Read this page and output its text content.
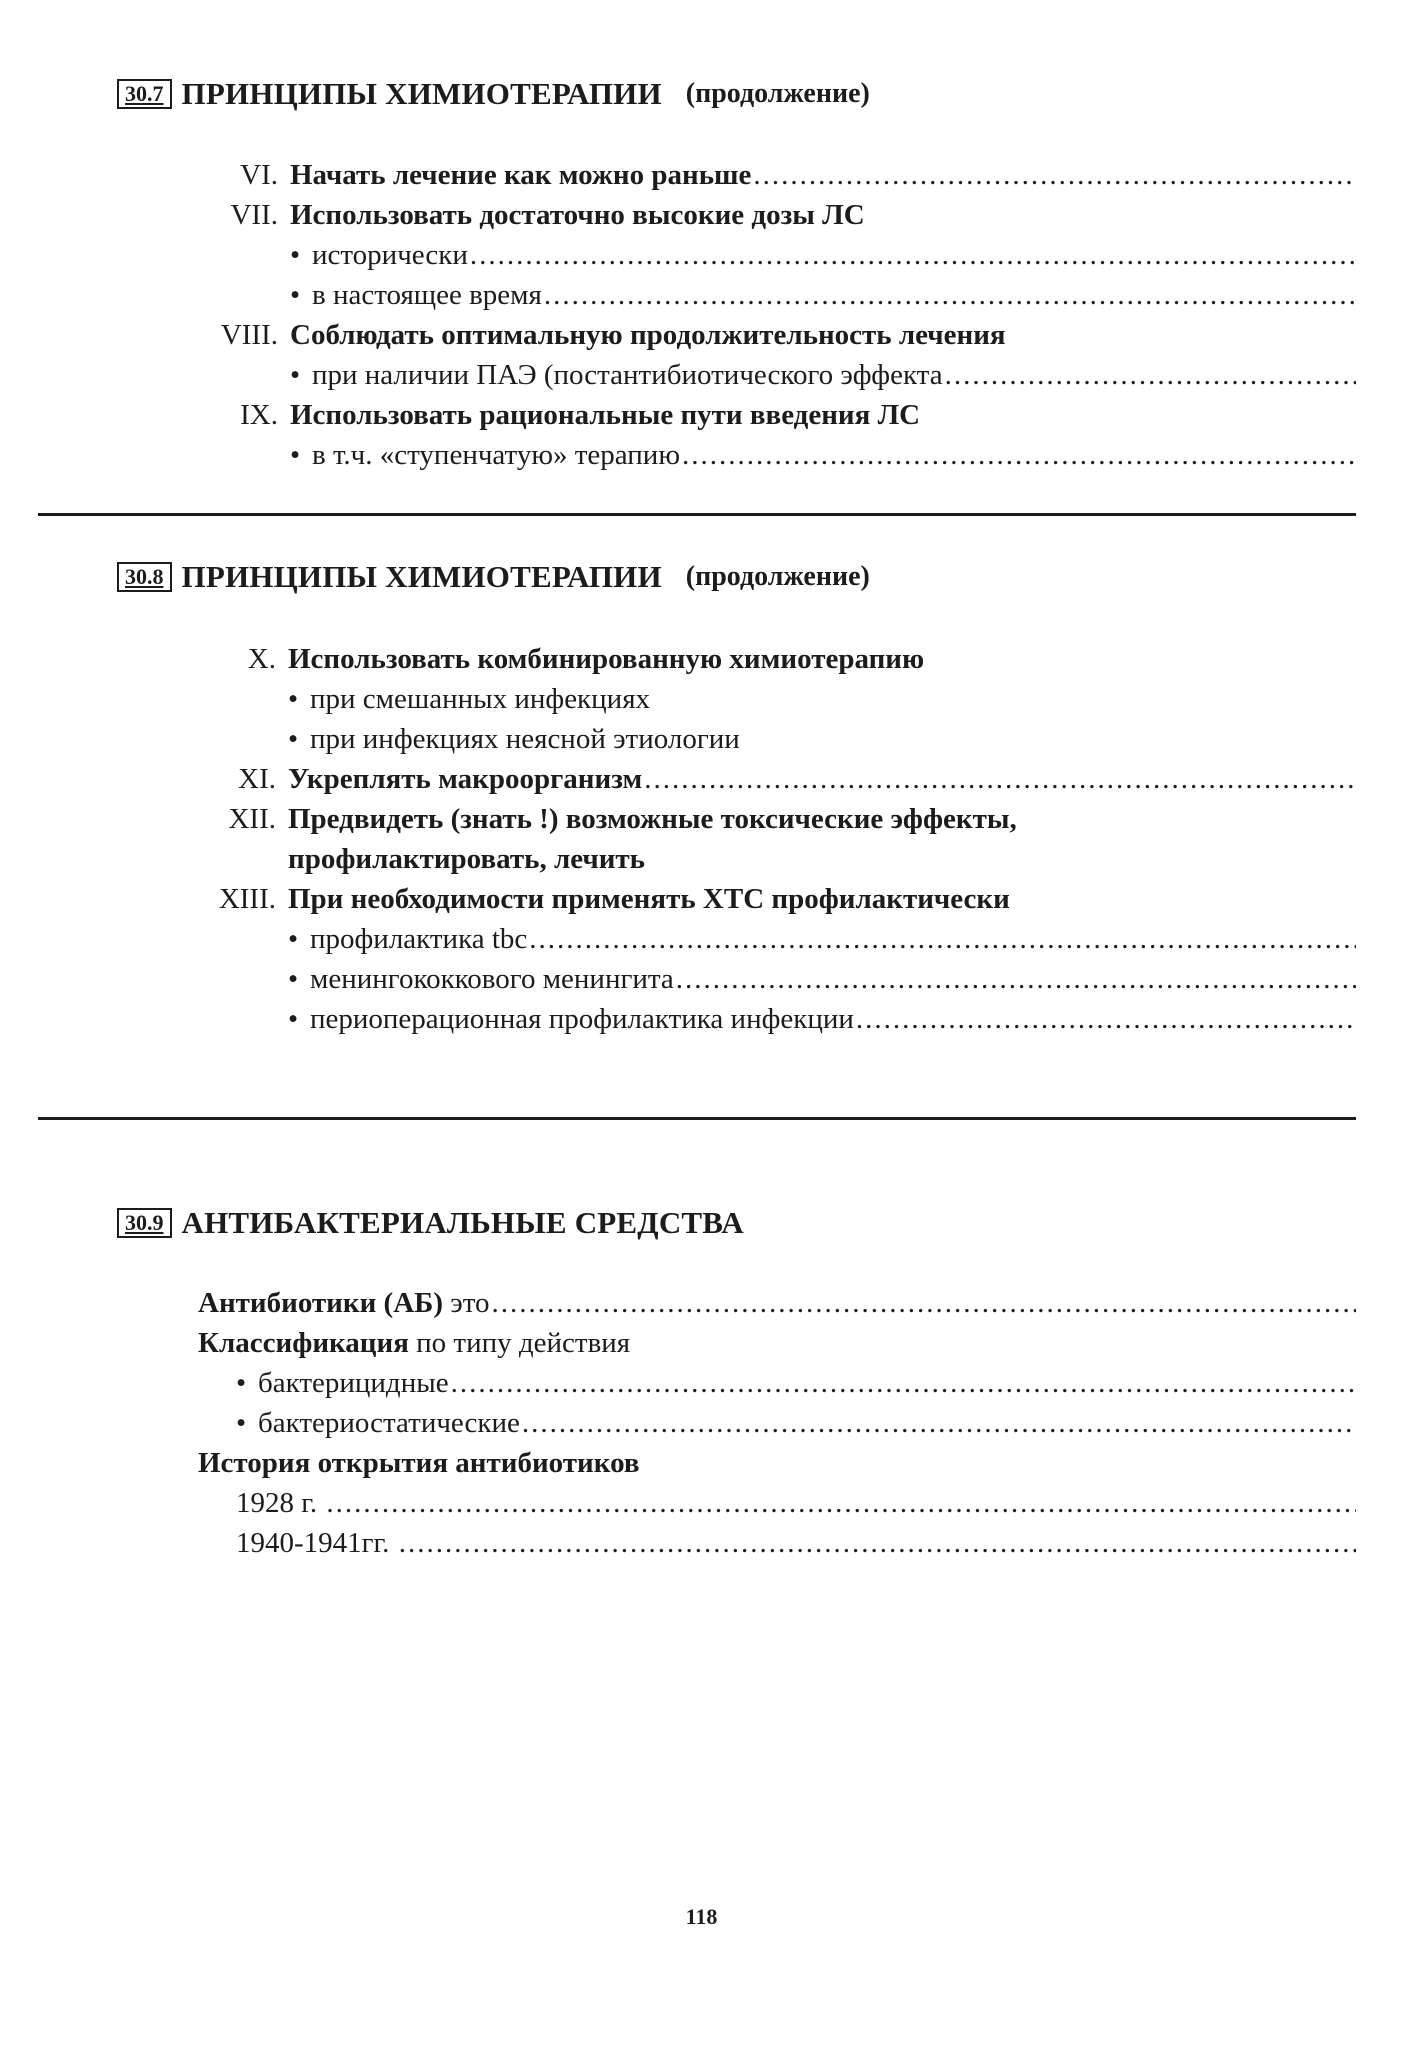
30.7 ПРИНЦИПЫ ХИМИОТЕРАПИИ (продолжение)
VI. Начать лечение как можно раньше
.....
VII. Использовать достаточно высокие дозы ЛС
• исторически
.....
• в настоящее время
.....
VIII. Соблюдать оптимальную продолжительность лечения
• при наличии ПАЭ (постантибиотического эффекта
.....
IX. Использовать рациональные пути введения ЛС
• в т.ч. «ступенчатую» терапию
.....
30.8 ПРИНЦИПЫ ХИМИОТЕРАПИИ (продолжение)
X. Использовать комбинированную химиотерапию
• при смешанных инфекциях
• при инфекциях неясной этиологии
XI. Укреплять макроорганизм
.....
XII. Предвидеть (знать !) возможные токсические эффекты,
профилактировать, лечить
XIII. При необходимости применять ХТС профилактически
• профилактика tbc
.....
• менингококкового менингита
.....
• периоперационная профилактика инфекции
.....
30.9 АНТИБАКТЕРИАЛЬНЫЕ СРЕДСТВА
Антибиотики (АБ) это
.....
Классификация по типу действия
• бактерицидные
.....
• бактериостатические
.....
История открытия антибиотиков
1928 г.
.....
1940-1941гг.
.....
118
